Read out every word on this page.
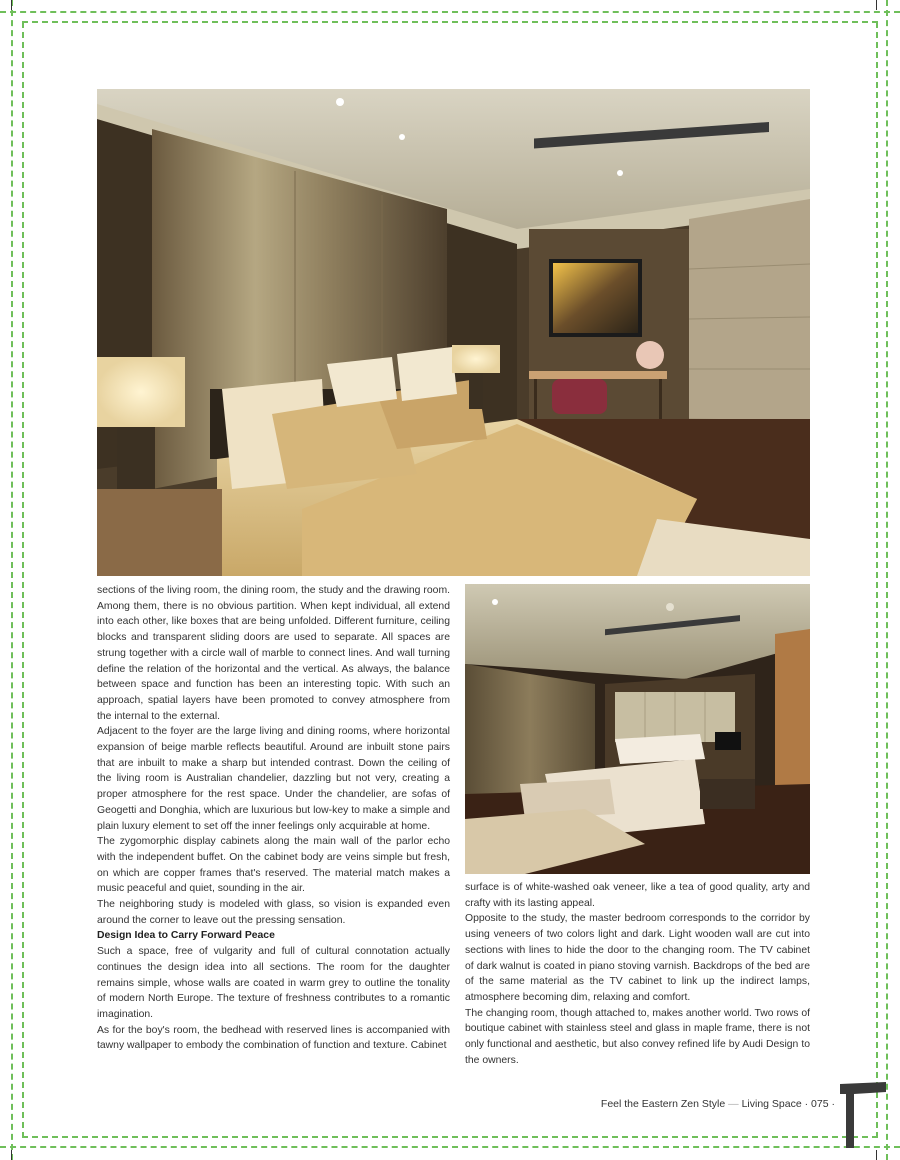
sections of the living room, the dining room, the study and the drawing room. Among them, there is no obvious partition. When kept individual, all extend into each other, like boxes that are being unfolded. Different furniture, ceiling blocks and transparent sliding doors are used to separate. All spaces are strung together with a circle wall of marble to connect lines. And wall turning define the relation of the horizontal and the vertical. As always, the balance between space and function has been an interesting topic. With such an approach, spatial layers have been promoted to convey atmosphere from the internal to the external.

Adjacent to the foyer are the large living and dining rooms, where horizontal expansion of beige marble reflects beautiful. Around are inbuilt stone pairs that are inbuilt to make a sharp but intended contrast. Down the ceiling of the living room is Australian chandelier, dazzling but not very, creating a proper atmosphere for the rest space. Under the chandelier, are sofas of Geogetti and Donghia, which are luxurious but low-key to make a simple and plain luxury element to set off the inner feelings only acquirable at home.

The zygomorphic display cabinets along the main wall of the parlor echo with the independent buffet. On the cabinet body are veins simple but fresh, on which are copper frames that's reserved. The material match makes a music peaceful and quiet, sounding in the air.

The neighboring study is modeled with glass, so vision is expanded even around the corner to leave out the pressing sensation.

Design Idea to Carry Forward Peace

Such a space, free of vulgarity and full of cultural connotation actually continues the design idea into all sections. The room for the daughter remains simple, whose walls are coated in warm grey to outline the tonality of modern North Europe. The texture of freshness contributes to a romantic imagination.

As for the boy's room, the bedhead with reserved lines is accompanied with tawny wallpaper to embody the combination of function and texture. Cabinet

surface is of white-washed oak veneer, like a tea of good quality, arty and crafty with its lasting appeal.

Opposite to the study, the master bedroom corresponds to the corridor by using veneers of two colors light and dark. Light wooden wall are cut into sections with lines to hide the door to the changing room. The TV cabinet of dark walnut is coated in piano stoving varnish. Backdrops of the bed are of the same material as the TV cabinet to link up the indirect lamps, atmosphere becoming dim, relaxing and comfort.

The changing room, though attached to, makes another world. Two rows of boutique cabinet with stainless steel and glass in maple frame, there is not only functional and aesthetic, but also convey refined life by Audi Design to the owners.

Feel the Eastern Zen Style — Living Space · 075 ·
